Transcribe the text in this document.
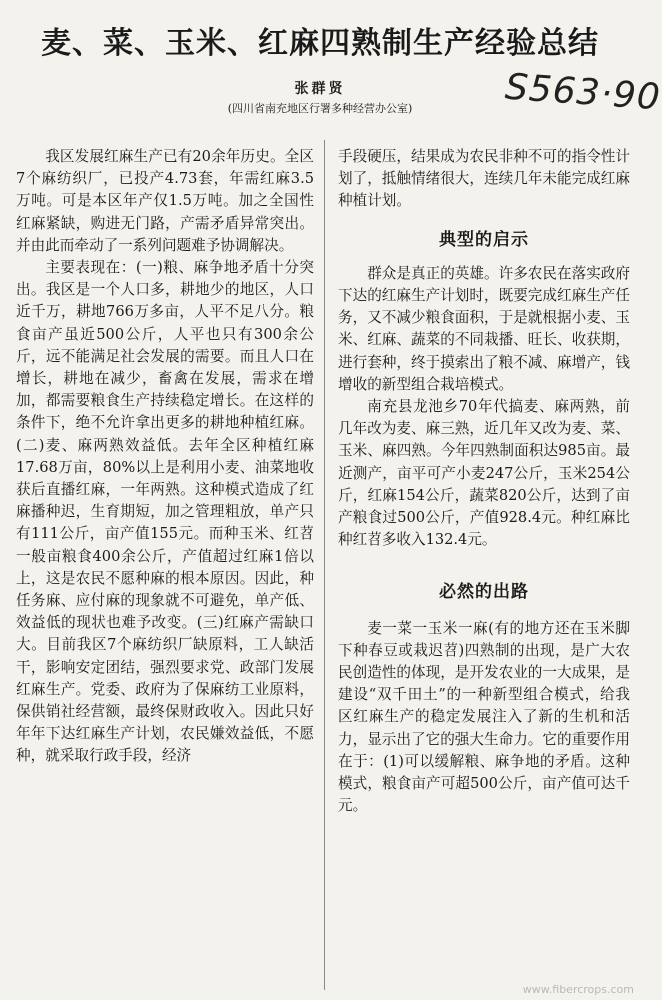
麦、菜、玉米、红麻四熟制生产经验总结
张群贤
(四川省南充地区行署多种经营办公室)	S563·90

我区发展红麻生产已有20余年历史。全区7个麻纺织厂，已投产4.73套，年需红麻3.5万吨。可是本区年产仅1.5万吨。加之全国性红麻紧缺，购进无门路，产需矛盾异常突出。并由此而牵动了一系列问题难予协调解决。

主要表现在：(一)粮、麻争地矛盾十分突出。我区是一个人口多，耕地少的地区，人口近千万，耕地766万多亩，人平不足八分。粮食亩产虽近500公斤，人平也只有300余公斤，远不能满足社会发展的需要。而且人口在增长，耕地在减少，畜禽在发展，需求在增加，都需要粮食生产持续稳定增长。在这样的条件下，绝不允许拿出更多的耕地种植红麻。(二)麦、麻两熟效益低。去年全区种植红麻17.68万亩，80%以上是利用小麦、油菜地收获后直播红麻，一年两熟。这种模式造成了红麻播种迟，生育期短，加之管理粗放，单产只有111公斤，亩产值155元。而种玉米、红苕一般亩粮食400余公斤，产值超过红麻1倍以上，这是农民不愿种麻的根本原因。因此，种任务麻、应付麻的现象就不可避免，单产低、效益低的现状也难予改变。(三)红麻产需缺口大。目前我区7个麻纺织厂缺原料，工人缺活干，影响安定团结，强烈要求党、政部门发展红麻生产。党委、政府为了保麻纺工业原料，保供销社经营额，最终保财政收入。因此只好年年下达红麻生产计划，农民嫌效益低，不愿种，就采取行政手段，经济

手段硬压，结果成为农民非种不可的指令性计划了，抵触情绪很大，连续几年未能完成红麻种植计划。

典型的启示

群众是真正的英雄。许多农民在落实政府下达的红麻生产计划时，既要完成红麻生产任务，又不减少粮食面积，于是就根据小麦、玉米、红麻、蔬菜的不同栽播、旺长、收获期，进行套种，终于摸索出了粮不减、麻增产，钱增收的新型组合栽培模式。

南充县龙池乡70年代搞麦、麻两熟，前几年改为麦、麻三熟，近几年又改为麦、菜、玉米、麻四熟。今年四熟制面积达985亩。最近测产，亩平可产小麦247公斤，玉米254公斤，红麻154公斤，蔬菜820公斤，达到了亩产粮食过500公斤，产值928.4元。种红麻比种红苕多收入132.4元。

必然的出路

麦一菜一玉米一麻(有的地方还在玉米脚下种春豆或栽迟苕)四熟制的出现，是广大农民创造性的体现，是开发农业的一大成果，是建设“双千田土”的一种新型组合模式，给我区红麻生产的稳定发展注入了新的生机和活力，显示出了它的强大生命力。它的重要作用在于：(1)可以缓解粮、麻争地的矛盾。这种模式，粮食亩产可超500公斤，亩产值可达千元。

www.fibercrops.com
